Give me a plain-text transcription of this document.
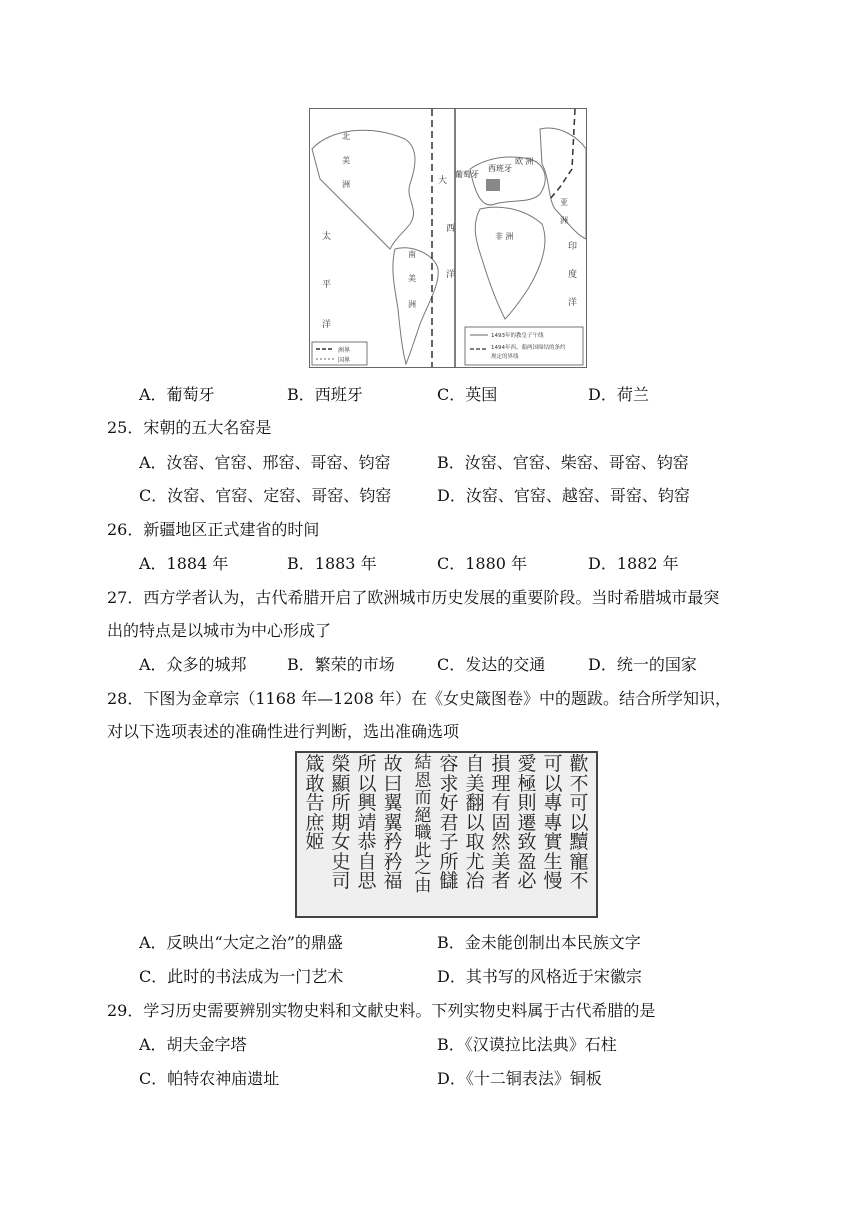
北
美
洲
太
平
洋
南
美
洲
大
西
洋
葡萄牙
西班牙
欧 洲
亚
洲
非 洲
印
度
洋
洲界
国界
1493年的教皇子午线
1494年西、葡两国缔结的条约
规定的界线
A．葡萄牙	B．西班牙	C．英国	D．荷兰
25．宋朝的五大名窑是
A．汝窑、官窑、邢窑、哥窑、钧窑	B．汝窑、官窑、柴窑、哥窑、钧窑
C．汝窑、官窑、定窑、哥窑、钧窑	D．汝窑、官窑、越窑、哥窑、钧窑
26．新疆地区正式建省的时间
A．1884 年	B．1883 年	C．1880 年	D．1882 年
27．西方学者认为，古代希腊开启了欧洲城市历史发展的重要阶段。当时希腊城市最突
出的特点是以城市为中心形成了
A．众多的城邦	B．繁荣的市场	C．发达的交通	D．统一的国家
28．下图为金章宗（1168 年—1208 年）在《女史箴图卷》中的题跋。结合所学知识，
对以下选项表述的准确性进行判断，选出准确选项
歡不可以黷寵不
可以專專實生慢
愛極則遷致盈必
損理有固然美者
自美翻以取尤冶
容求好君子所讎
結恩而絕職此之由
故曰翼翼矜矜福
所以興靖恭自思
榮顯所期女史司
箴敢告庶姬
A．反映出“大定之治”的鼎盛	B．金未能创制出本民族文字
C．此时的书法成为一门艺术	D．其书写的风格近于宋徽宗
29．学习历史需要辨别实物史料和文献史料。下列实物史料属于古代希腊的是
A．胡夫金字塔	B．《汉谟拉比法典》石柱
C．帕特农神庙遗址	D．《十二铜表法》铜板
